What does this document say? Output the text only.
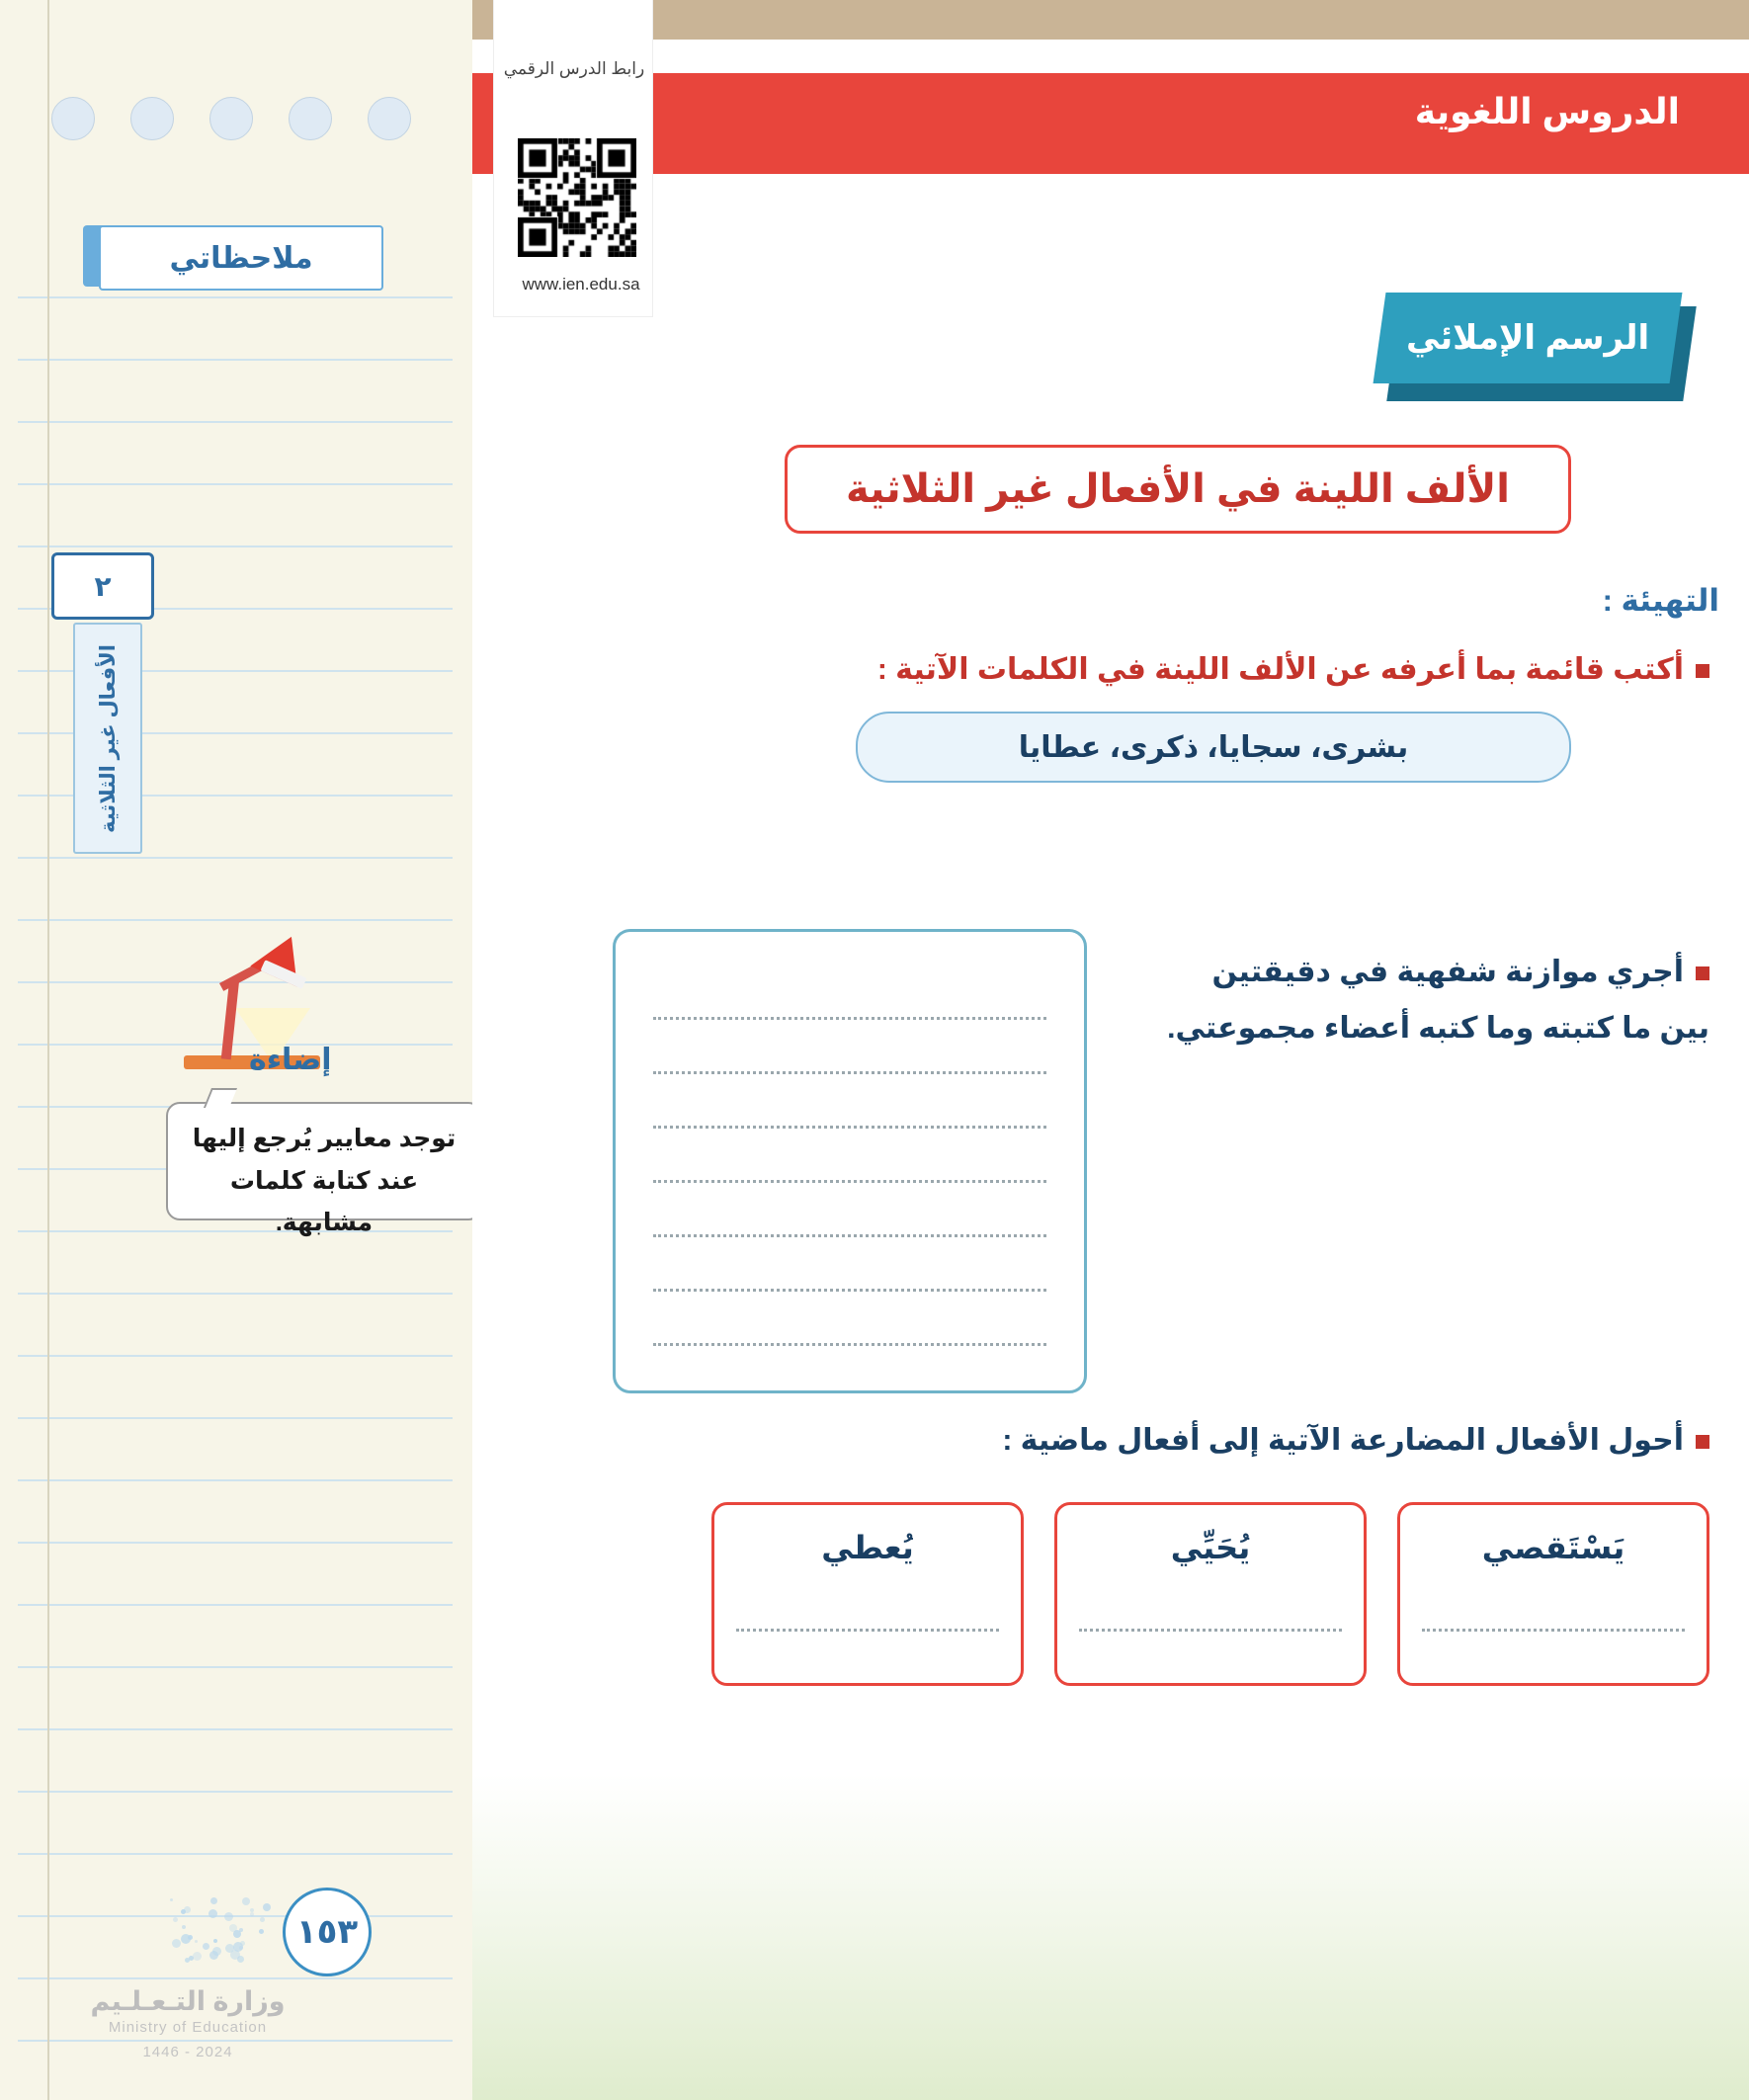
ملاحظاتي
٢
الأفعال غير الثلاثية
إضاءة
توجد معايير يُرجع إليها
عند كتابة كلمات مشابهة.
١٥٣
وزارة التـعـلـيم
Ministry of Education
2024 - 1446
الدروس اللغوية
رابط الدرس الرقمي
www.ien.edu.sa
الرسم الإملائي
الألف اللينة في الأفعال غير الثلاثية
التهيئة :
أكتب قائمة بما أعرفه عن الألف اللينة في الكلمات الآتية :
بشرى، سجايا، ذكرى، عطايا
أجري موازنة شفهية في دقيقتين بين ما كتبته وما كتبه أعضاء مجموعتي.
أحول الأفعال المضارعة الآتية إلى أفعال ماضية :
يَسْتَقصي
يُحَيِّي
يُعطي
